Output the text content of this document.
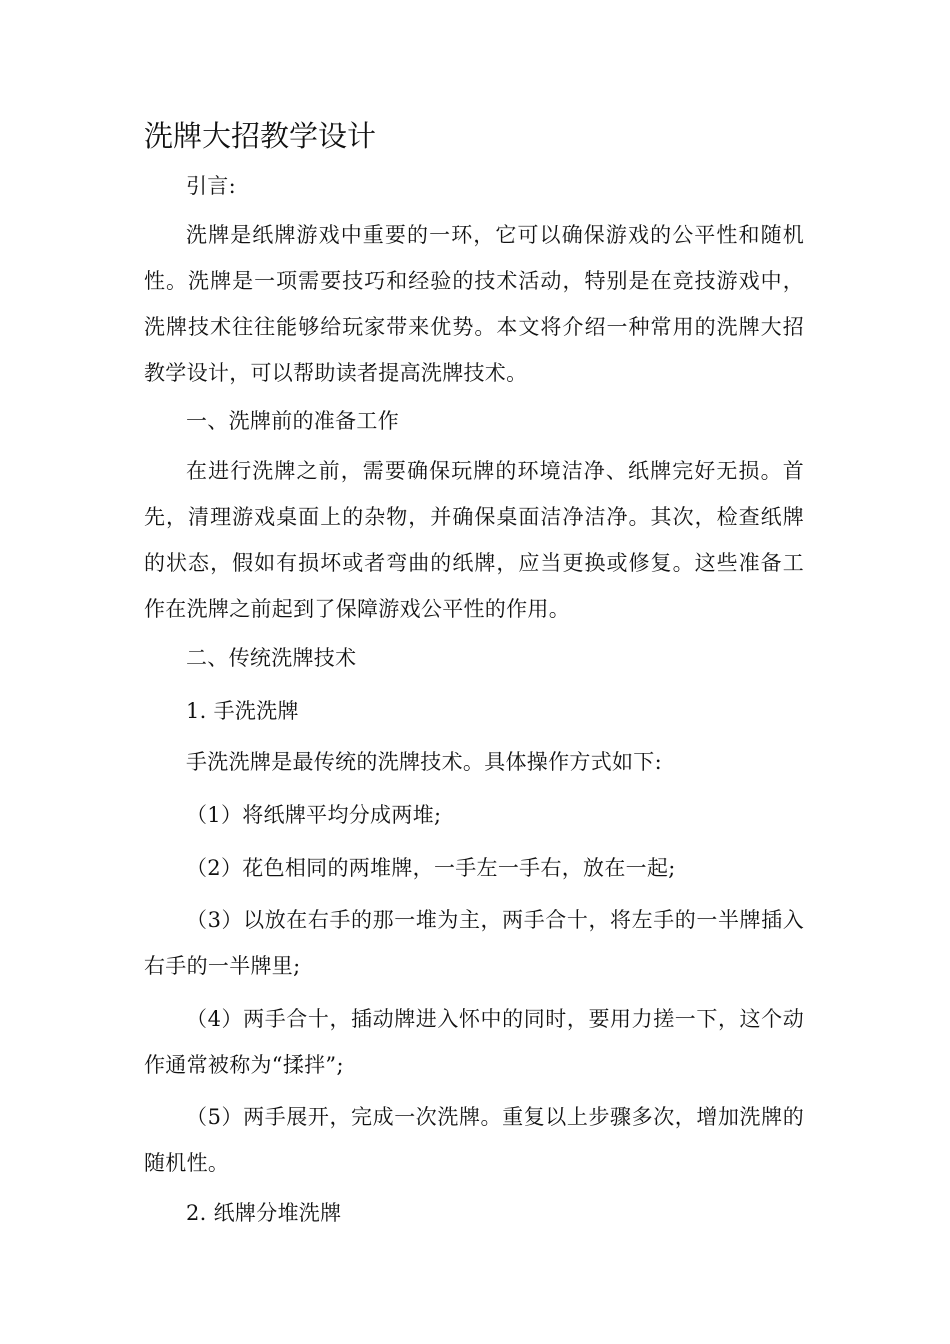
洗牌大招教学设计

引言:

洗牌是纸牌游戏中重要的一环，它可以确保游戏的公平性和随机性。洗牌是一项需要技巧和经验的技术活动，特别是在竞技游戏中，洗牌技术往往能够给玩家带来优势。本文将介绍一种常用的洗牌大招教学设计，可以帮助读者提高洗牌技术。

一、洗牌前的准备工作

在进行洗牌之前，需要确保玩牌的环境洁净、纸牌完好无损。首先，清理游戏桌面上的杂物，并确保桌面洁净洁净。其次，检查纸牌的状态，假如有损坏或者弯曲的纸牌，应当更换或修复。这些准备工作在洗牌之前起到了保障游戏公平性的作用。

二、传统洗牌技术

1. 手洗洗牌

手洗洗牌是最传统的洗牌技术。具体操作方式如下:

（1）将纸牌平均分成两堆;

（2）花色相同的两堆牌，一手左一手右，放在一起;

（3）以放在右手的那一堆为主，两手合十，将左手的一半牌插入右手的一半牌里;

（4）两手合十，插动牌进入怀中的同时，要用力搓一下，这个动作通常被称为“揉拌”;

（5）两手展开，完成一次洗牌。重复以上步骤多次，增加洗牌的随机性。

2. 纸牌分堆洗牌
